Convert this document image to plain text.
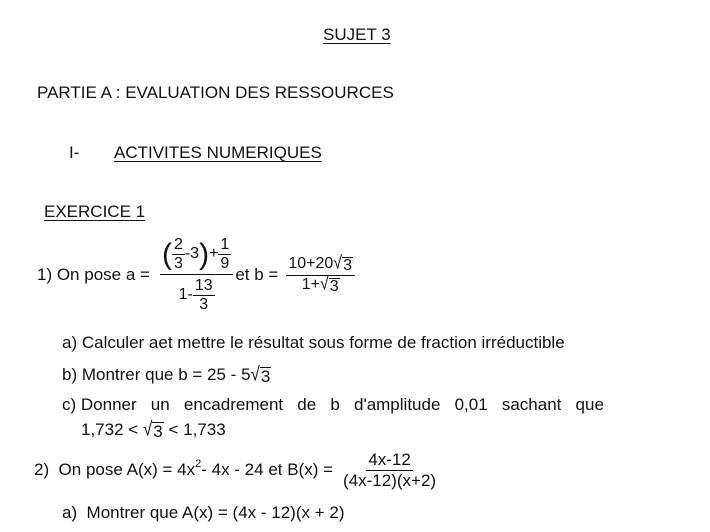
SUJET 3
PARTIE A : EVALUATION DES RESSOURCES
I- ACTIVITES NUMERIQUES
EXERCICE 1
1) On pose a =
( $\frac{2}{3} -3$ ) + $\frac{1}{9}$
$1- \frac{13}{3}$
et $b = \frac{10+20 √ 3}{1+ √ 3}$
a) Calculer aet mettre le résultat sous forme de fraction irréductible
b) Montrer que b = 25 - 5 √ 3
c) Donner   un   encadrement   de   b   d'amplitude   0,01   sachant   que
1,732 < √ 3 < 1,733
2)  On pose $A(x) = 4x^2 - 4x - 24$ et $B(x) = \frac{4x-12}{(4x-12)(x+2)}$
a)  Montrer que A(x) = (4x - 12)(x + 2)
